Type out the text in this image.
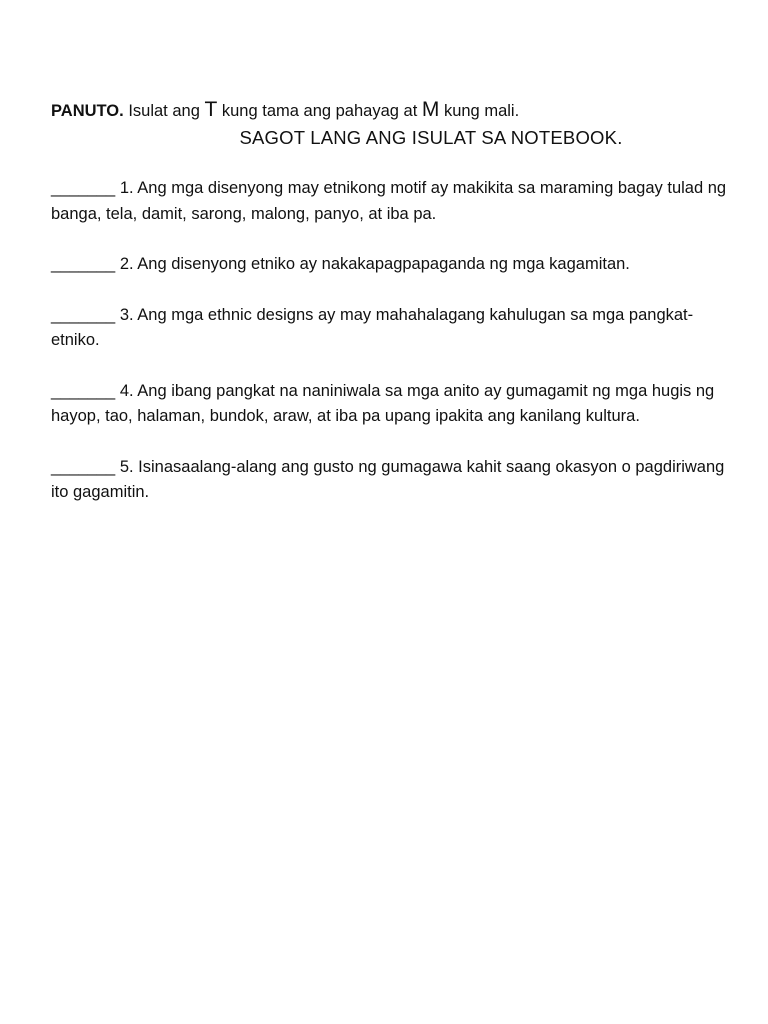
PANUTO. Isulat ang T kung tama ang pahayag at M kung mali.
SAGOT LANG ANG ISULAT SA NOTEBOOK.
_______ 1. Ang mga disenyong may etnikong motif ay makikita sa maraming bagay tulad ng banga, tela, damit, sarong, malong, panyo, at iba pa.
_______ 2. Ang disenyong etniko ay nakakapagpapaganda ng mga kagamitan.
_______ 3. Ang mga ethnic designs ay may mahahalagang kahulugan sa mga pangkat-etniko.
_______ 4. Ang ibang pangkat na naniniwala sa mga anito ay gumagamit ng mga hugis ng hayop, tao, halaman, bundok, araw, at iba pa upang ipakita ang kanilang kultura.
_______ 5. Isinasaalang-alang ang gusto ng gumagawa kahit saang okasyon o pagdiriwang ito gagamitin.
